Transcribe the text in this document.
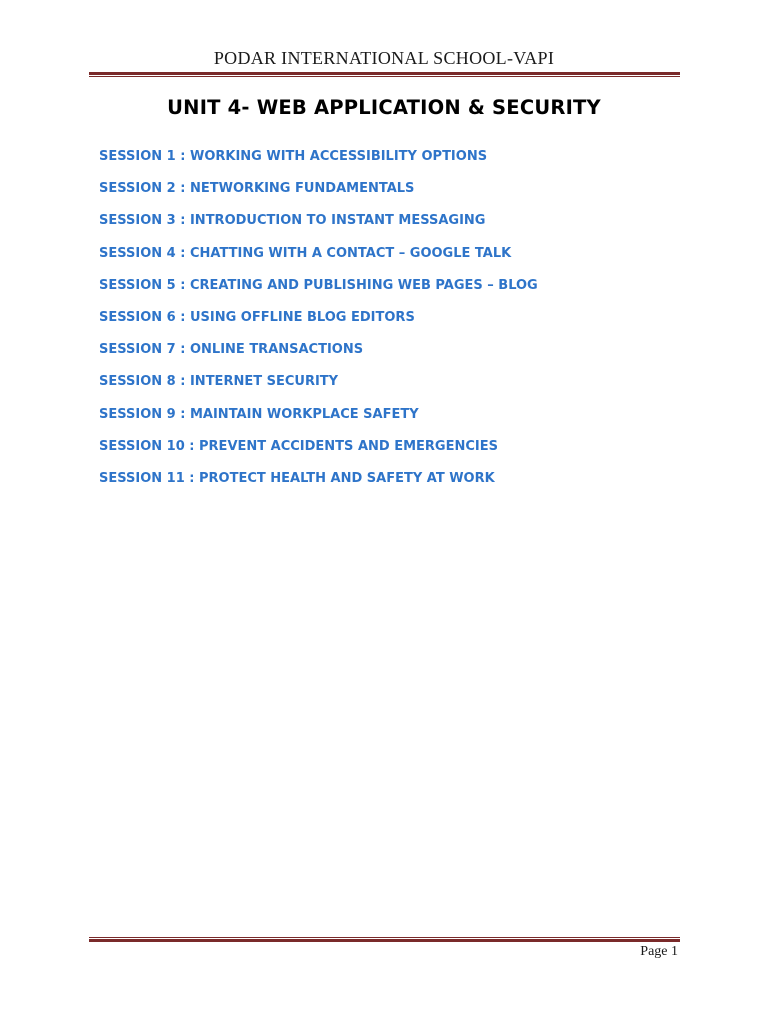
PODAR INTERNATIONAL SCHOOL-VAPI
UNIT 4- WEB APPLICATION & SECURITY
SESSION 1 : WORKING WITH ACCESSIBILITY OPTIONS
SESSION 2 : NETWORKING FUNDAMENTALS
SESSION 3 : INTRODUCTION TO INSTANT MESSAGING
SESSION 4 : CHATTING WITH A CONTACT – GOOGLE TALK
SESSION 5 : CREATING AND PUBLISHING WEB PAGES – BLOG
SESSION 6 : USING OFFLINE BLOG EDITORS
SESSION 7 : ONLINE TRANSACTIONS
SESSION 8 : INTERNET SECURITY
SESSION 9 : MAINTAIN WORKPLACE SAFETY
SESSION 10 : PREVENT ACCIDENTS AND EMERGENCIES
SESSION 11 : PROTECT HEALTH AND SAFETY AT WORK

Page 1
